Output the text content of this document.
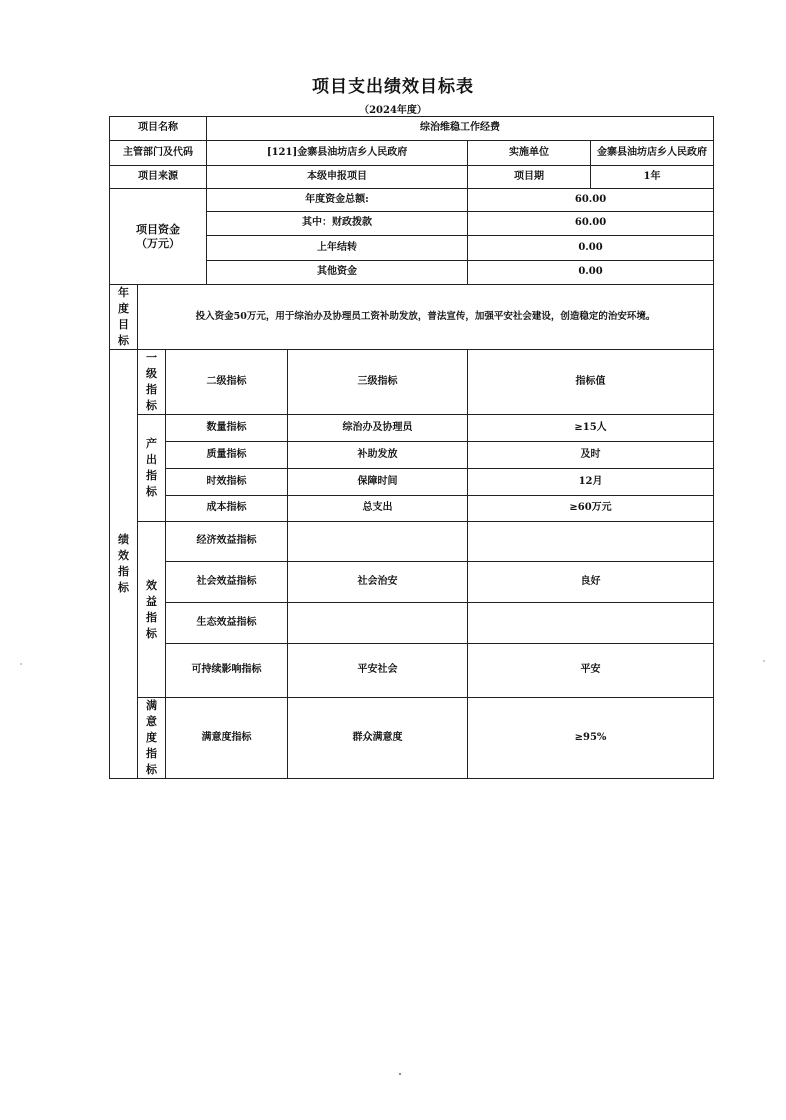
项目支出绩效目标表
（2024年度）
项目名称			综治维稳工作经费			
主管部门及代码			[121]金寨县油坊店乡人民政府		实施单位	金寨县油坊店乡人民政府
项目来源			本级申报项目		项目期	1年
项目资金
（万元）			年度资金总额:		60.00	
			其中：财政拨款		60.00	
			上年结转		0.00	
			其他资金		0.00	
年度目标	投入资金50万元，用于综治办及协理员工资补助发放，普法宣传，加强平安社会建设，创造稳定的治安环境。					
绩效指标	一级指标	二级指标		三级指标	指标值	
	产出指标	数量指标		综治办及协理员	≥15人	
		质量指标		补助发放	及时	
		时效指标		保障时间	12月	
		成本指标		总支出	≥60万元	
	效益指标	经济效益指标				
		社会效益指标		社会治安	良好	
		生态效益指标				
		可持续影响指标		平安社会	平安	
	满意度指标	满意度指标		群众满意度	≥95%	
